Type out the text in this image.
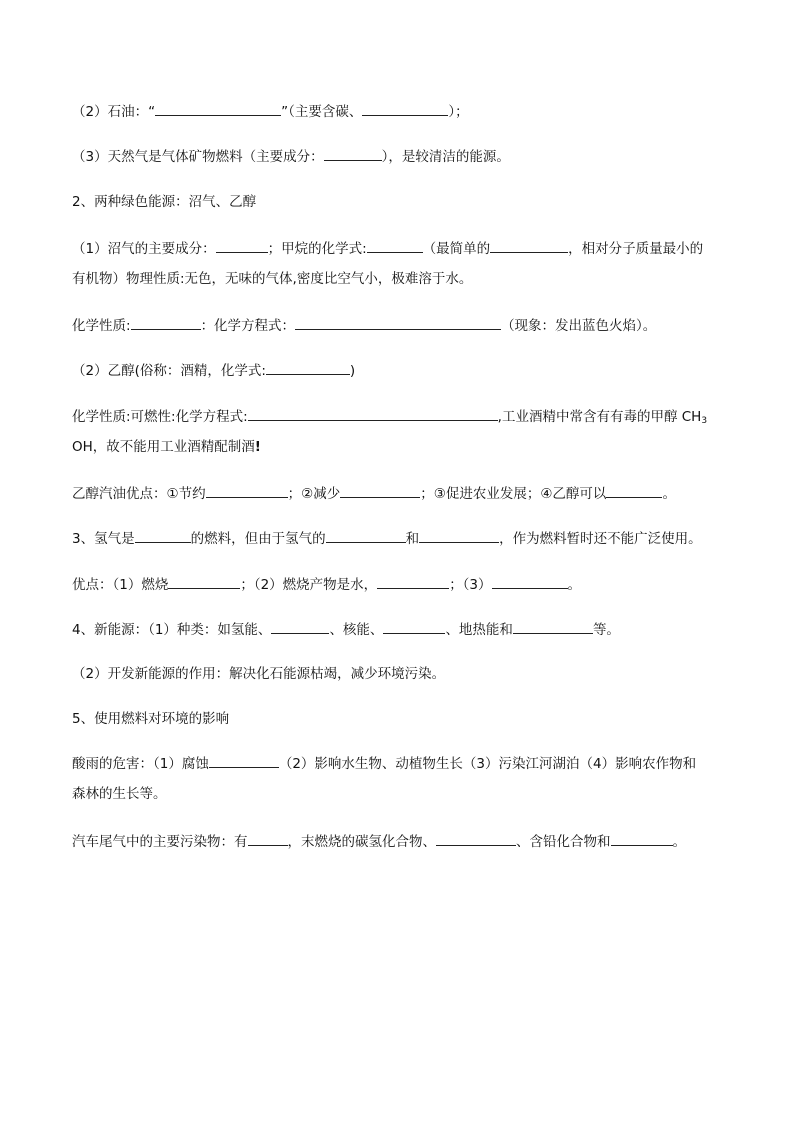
（2）石油：“	”（主要含碳、	）；
（3）天然气是气体矿物燃料（主要成分：	），是较清洁的能源。
2、两种绿色能源：沼气、乙醇
（1）沼气的主要成分：	；甲烷的化学式:	（最简单的	，相对分子质量最小的
有机物）物理性质:无色，无味的气体,密度比空气小，极难溶于水。
化学性质:	：化学方程式：	（现象：发出蓝色火焰）。
（2）乙醇(俗称：酒精，化学式:	)
化学性质:可燃性:化学方程式:	,工业酒精中常含有有毒的甲醇 $CH_3$
OH，故不能用工业酒精配制酒!
乙醇汽油优点：①节约	；②减少	；③促进农业发展；④乙醇可以	。
3、氢气是	的燃料，但由于氢气的	和	，作为燃料暂时还不能广泛使用。
优点：（1）燃烧	；（2）燃烧产物是水，	；（3）	。
4、新能源：（1）种类：如氢能、	、核能、	、地热能和	等。
（2）开发新能源的作用：解决化石能源枯竭，减少环境污染。
5、使用燃料对环境的影响
酸雨的危害：（1）腐蚀	（2）影响水生物、动植物生长（3）污染江河湖泊（4）影响农作物和
森林的生长等。
汽车尾气中的主要污染物：有	，末燃烧的碳氢化合物、	、含铅化合物和	。
